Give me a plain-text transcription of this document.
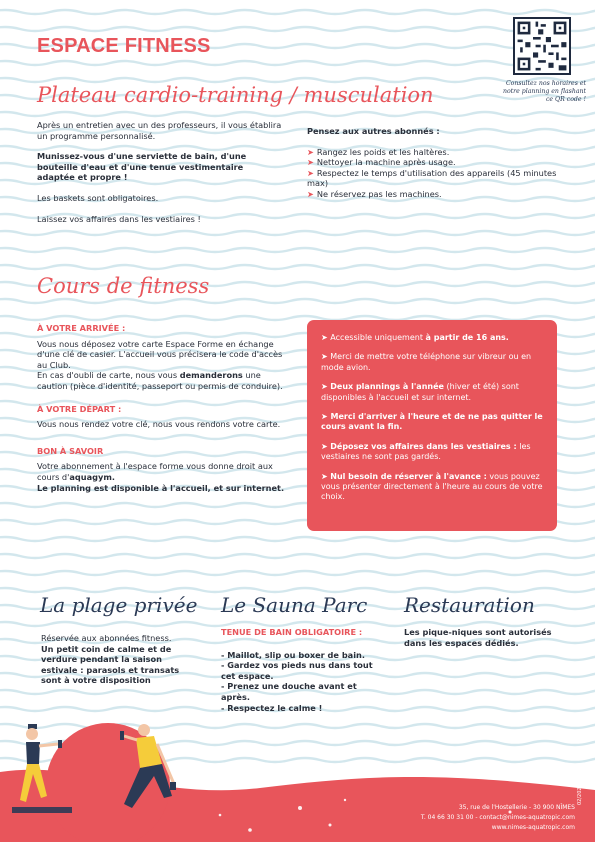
ESPACE FITNESS
Consultez nos horaires et notre planning en flashant ce QR code !
Plateau cardio-training / musculation

Après un entretien avec un des professeurs, il vous établira un programme personnalisé.

Munissez-vous d'une serviette de bain, d'une bouteille d'eau et d'une tenue vestimentaire adaptée et propre !

Les baskets sont obligatoires.

Laissez vos affaires dans les vestiaires !

Pensez aux autres abonnés :
➤ Rangez les poids et les haltères.
➤ Nettoyer la machine après usage.
➤ Respectez le temps d'utilisation des appareils (45 minutes max)
➤ Ne réservez pas les machines.
Cours de fitness
À VOTRE ARRIVÉE :
Vous nous déposez votre carte Espace Forme en échange d'une clé de casier. L'accueil vous précisera le code d'accès au Club.
En cas d'oubli de carte, nous vous demanderons une caution (pièce d'identité, passeport ou permis de conduire).
À VOTRE DÉPART :
Vous nous rendez votre clé, nous vous rendons votre carte.
BON À SAVOIR
Votre abonnement à l'espace forme vous donne droit aux cours d'aquagym.
Le planning est disponible à l'accueil, et sur internet.
➤ Accessible uniquement à partir de 16 ans.
➤ Merci de mettre votre téléphone sur vibreur ou en mode avion.
➤ Deux plannings à l'année (hiver et été) sont disponibles à l'accueil et sur internet.
➤ Merci d'arriver à l'heure et de ne pas quitter le cours avant la fin.
➤ Déposez vos affaires dans les vestiaires : les vestiaires ne sont pas gardés.
➤ Nul besoin de réserver à l'avance : vous pouvez vous présenter directement à l'heure au cours de votre choix.
La plage privée
Réservée aux abonnées fitness.
Un petit coin de calme et de verdure pendant la saison estivale : parasols et transats sont à votre disposition
Le Sauna Parc
TENUE DE BAIN OBLIGATOIRE :
- Maillot, slip ou boxer de bain.
- Gardez vos pieds nus dans tout cet espace.
- Prenez une douche avant et après.
- Respectez le calme !
Restauration
Les pique-niques sont autorisés dans les espaces dédiés.
35, rue de l'Hostellerie - 30 900 NÎMES
T. 04 66 30 31 00 - contact@nimes-aquatropic.com
www.nimes-aquatropic.com
02/2025
